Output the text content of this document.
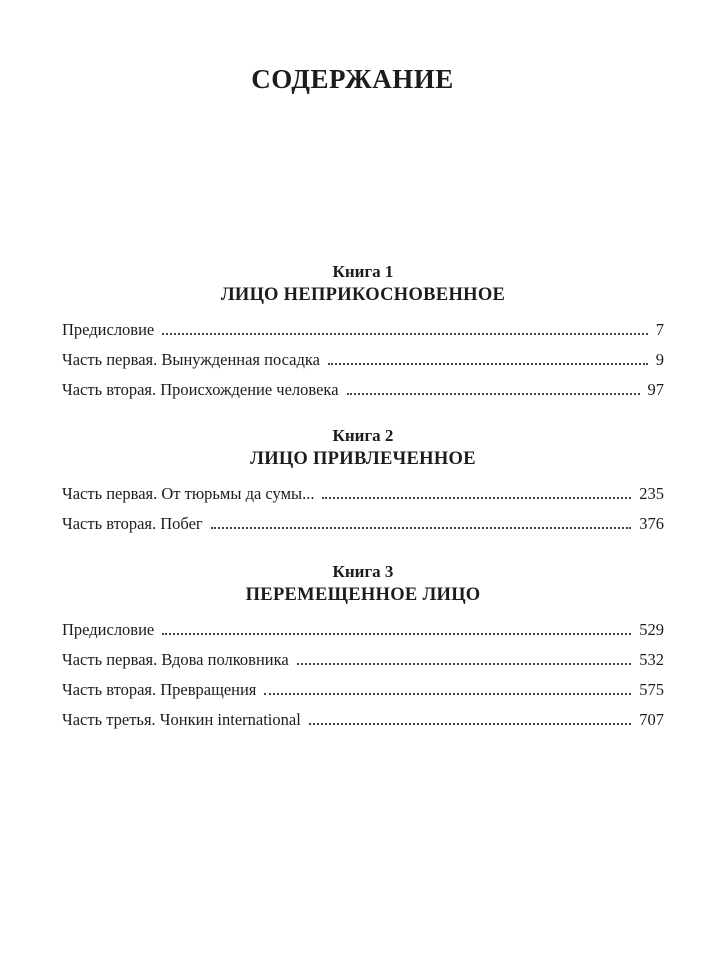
СОДЕРЖАНИЕ
Книга 1
ЛИЦО НЕПРИКОСНОВЕННОЕ
Предисловие	7
Часть первая. Вынужденная посадка	9
Часть вторая. Происхождение человека	97
Книга 2
ЛИЦО ПРИВЛЕЧЕННОЕ
Часть первая. От тюрьмы да сумы...	235
Часть вторая. Побег	376
Книга 3
ПЕРЕМЕЩЕННОЕ ЛИЦО
Предисловие	529
Часть первая. Вдова полковника	532
Часть вторая. Превращения	575
Часть третья. Чонкин international	707
